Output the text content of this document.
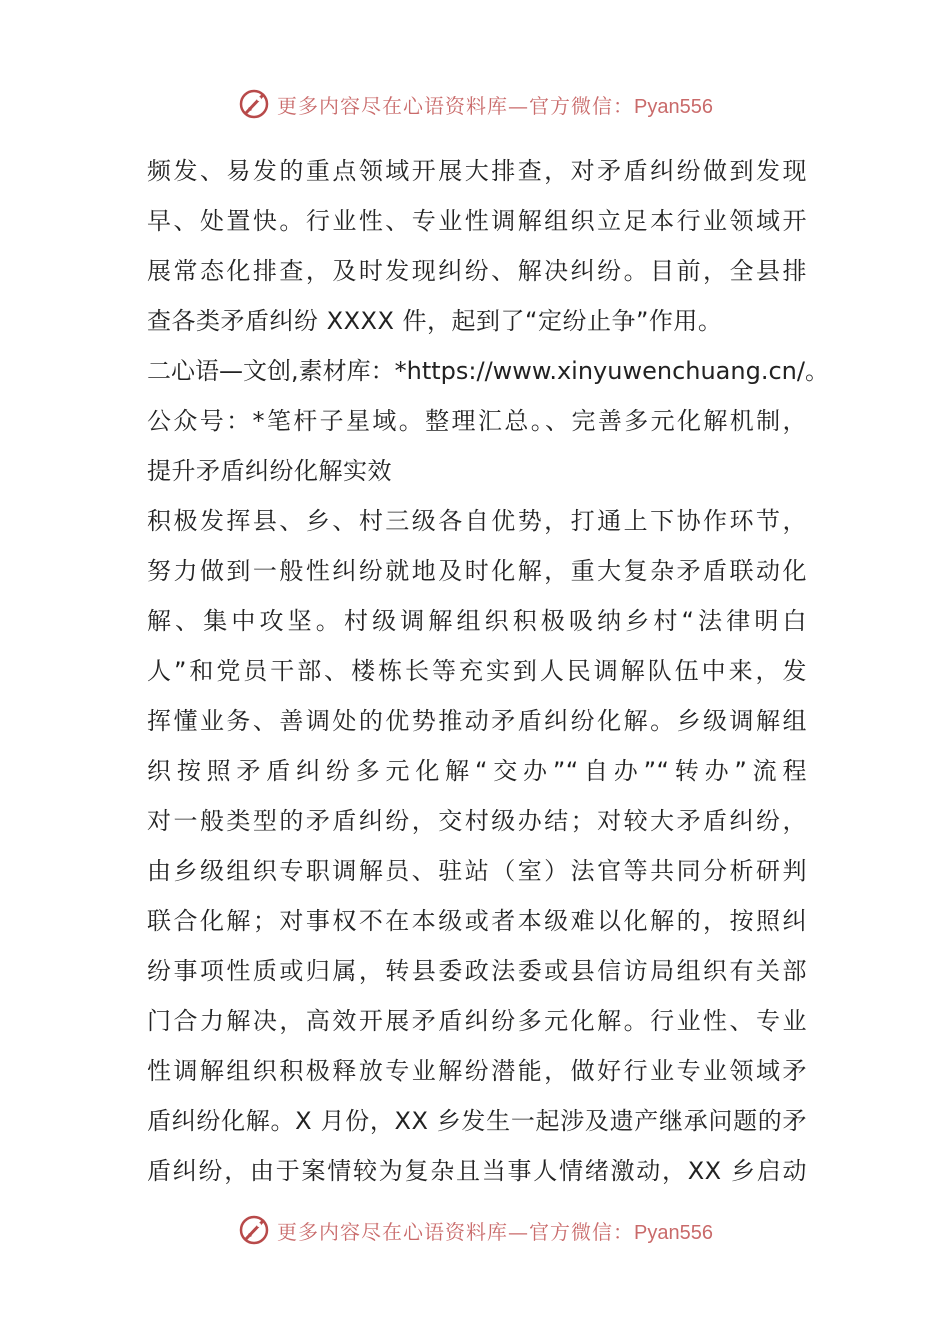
更多内容尽在心语资料库—官方微信：Pyan556
频发、易发的重点领域开展大排查，对矛盾纠纷做到发现
早、处置快。行业性、专业性调解组织立足本行业领域开
展常态化排查，及时发现纠纷、解决纠纷。目前，全县排
查各类矛盾纠纷 XXXX 件，起到了“定纷止争”作用。
二心语—文创,素材库：*https://www.xinyuwenchuang.cn/。
公众号：*笔杆子星域。整理汇总。、完善多元化解机制，
提升矛盾纠纷化解实效
积极发挥县、乡、村三级各自优势，打通上下协作环节，
努力做到一般性纠纷就地及时化解，重大复杂矛盾联动化
解、集中攻坚。村级调解组织积极吸纳乡村“法律明白
人”和党员干部、楼栋长等充实到人民调解队伍中来，发
挥懂业务、善调处的优势推动矛盾纠纷化解。乡级调解组
织按照矛盾纠纷多元化解“交办”“自办”“转办”流程
对一般类型的矛盾纠纷，交村级办结；对较大矛盾纠纷，
由乡级组织专职调解员、驻站（室）法官等共同分析研判
联合化解；对事权不在本级或者本级难以化解的，按照纠
纷事项性质或归属，转县委政法委或县信访局组织有关部
门合力解决，高效开展矛盾纠纷多元化解。行业性、专业
性调解组织积极释放专业解纷潜能，做好行业专业领域矛
盾纠纷化解。X 月份，XX 乡发生一起涉及遗产继承问题的矛
盾纠纷，由于案情较为复杂且当事人情绪激动，XX 乡启动
更多内容尽在心语资料库—官方微信：Pyan556
